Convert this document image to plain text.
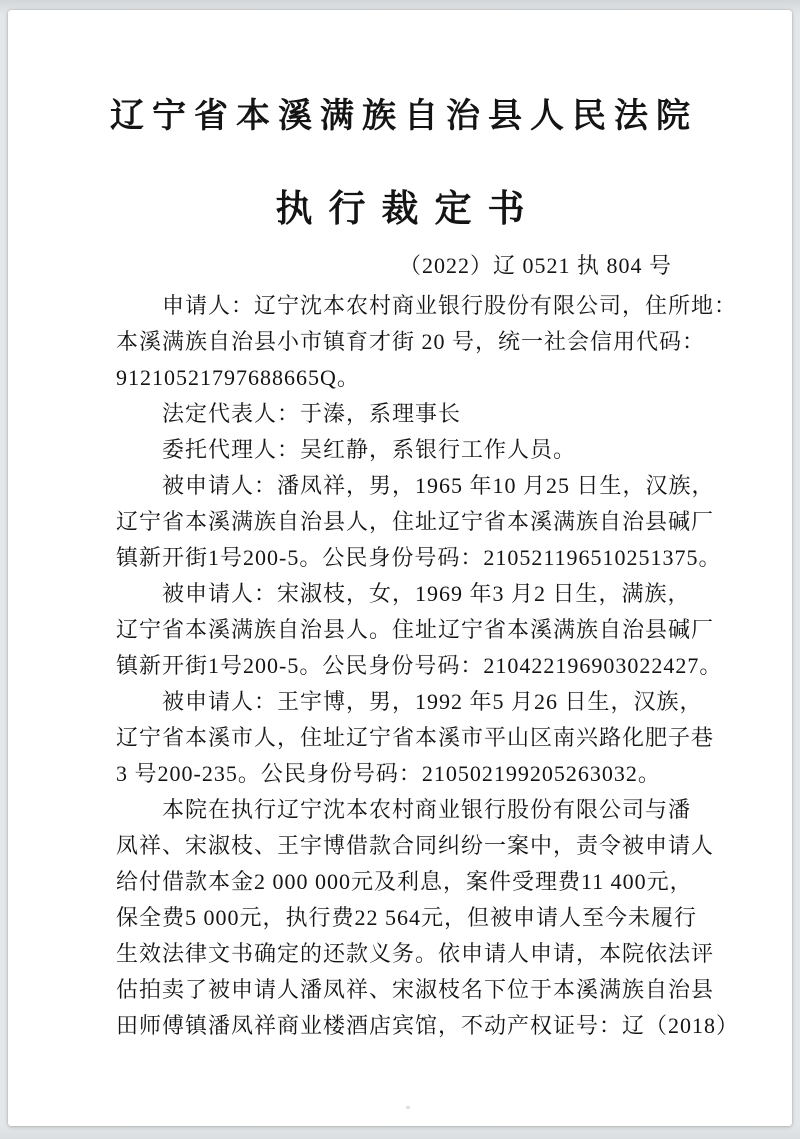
辽宁省本溪满族自治县人民法院
执行裁定书
（2022）辽 0521 执 804 号
申请人：辽宁沈本农村商业银行股份有限公司，住所地：
本溪满族自治县小市镇育才街 20 号，统一社会信用代码：
91210521797688665Q。
法定代表人：于溱，系理事长
委托代理人：吴红静，系银行工作人员。
被申请人：潘凤祥，男，1965 年10 月25 日生，汉族，
辽宁省本溪满族自治县人，住址辽宁省本溪满族自治县碱厂
镇新开街1号200-5。公民身份号码：210521196510251375。
被申请人：宋淑枝，女，1969 年3 月2 日生，满族，
辽宁省本溪满族自治县人。住址辽宁省本溪满族自治县碱厂
镇新开街1号200-5。公民身份号码：210422196903022427。
被申请人：王宇博，男，1992 年5 月26 日生，汉族，
辽宁省本溪市人，住址辽宁省本溪市平山区南兴路化肥子巷
3 号200-235。公民身份号码：210502199205263032。
本院在执行辽宁沈本农村商业银行股份有限公司与潘
凤祥、宋淑枝、王宇博借款合同纠纷一案中，责令被申请人
给付借款本金2 000 000元及利息，案件受理费11 400元，
保全费5 000元，执行费22 564元，但被申请人至今未履行
生效法律文书确定的还款义务。依申请人申请，本院依法评
估拍卖了被申请人潘凤祥、宋淑枝名下位于本溪满族自治县
田师傅镇潘凤祥商业楼酒店宾馆，不动产权证号：辽（2018）
